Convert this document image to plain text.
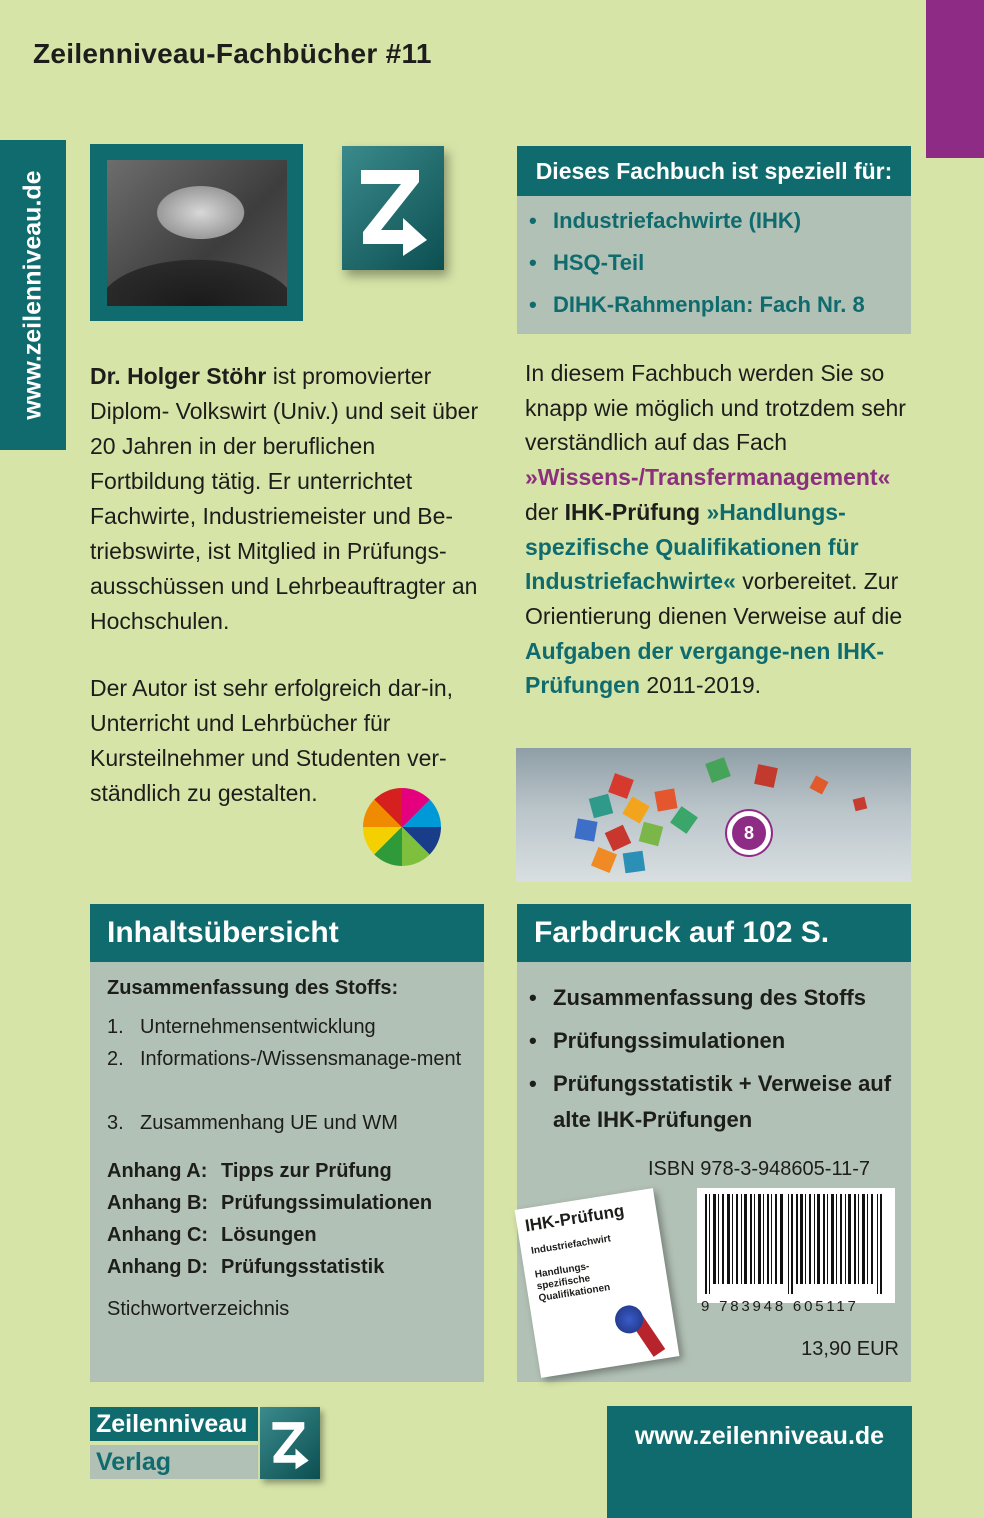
Zeilenniveau-Fachbücher #11
www.zeilenniveau.de	Dieses Fachbuch ist speziell für:
• Industriefachwirte (IHK)
• HSQ-Teil
• DIHK-Rahmenplan: Fach Nr. 8
Dr. Holger Stöhr ist promovierter Diplom- Volkswirt (Univ.) und seit über 20 Jahren in der beruflichen Fortbildung tätig. Er unterrichtet Fachwirte, Industriemeister und Be-triebswirte, ist Mitglied in Prüfungs-ausschüssen und Lehrbeauftragter an Hochschulen.
Der Autor ist sehr erfolgreich dar-in, Unterricht und Lehrbücher für Kursteilnehmer und Studenten ver-ständlich zu gestalten.
In diesem Fachbuch werden Sie so knapp wie möglich und trotzdem sehr verständlich auf das Fach »Wissens-/Transfermanagement« der IHK-Prüfung »Handlungs-spezifische Qualifikationen für Industriefachwirte« vorbereitet. Zur Orientierung dienen Verweise auf die Aufgaben der vergange-nen IHK-Prüfungen 2011-2019.
8
Inhaltsübersicht
Zusammenfassung des Stoffs:
1. Unternehmensentwicklung
2. Informations-/Wissensmanage-ment
3. Zusammenhang UE und WM
Anhang A: Tipps zur Prüfung
Anhang B: Prüfungssimulationen
Anhang C: Lösungen
Anhang D: Prüfungsstatistik
Stichwortverzeichnis
Farbdruck auf 102 S.
• Zusammenfassung des Stoffs
• Prüfungssimulationen
• Prüfungsstatistik + Verweise auf alte IHK-Prüfungen
ISBN 978-3-948605-11-7
9 783948 605117
13,90 EUR
IHK-Prüfung
Industriefachwirt
Handlungs-spezifische Qualifikationen
Zeilenniveau
Verlag
www.zeilenniveau.de
